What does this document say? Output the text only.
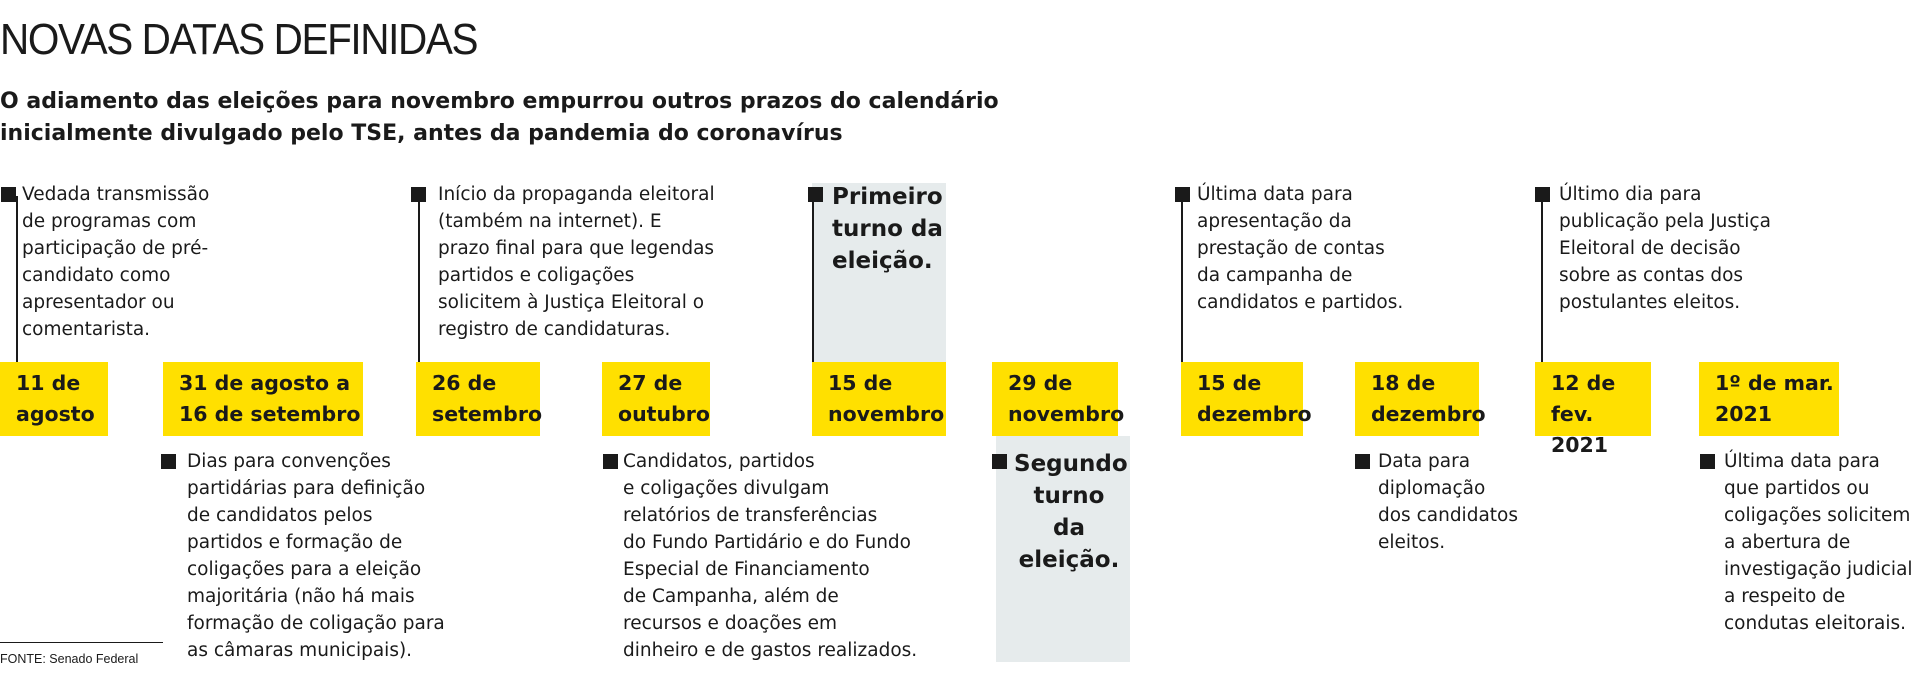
NOVAS DATAS DEFINIDAS

O adiamento das eleições para novembro empurrou outros prazos do calendário inicialmente divulgado pelo TSE, antes da pandemia do coronavírus

Vedada transmissão
de programas com
participação de pré-
candidato como
apresentador ou
comentarista.
Início da propaganda eleitoral
(também na internet). E
prazo final para que legendas
partidos e coligações
solicitem à Justiça Eleitoral o
registro de candidaturas.
Primeiro
turno da
eleição.
Última data para
apresentação da
prestação de contas
da campanha de
candidatos e partidos.
Último dia para
publicação pela Justiça
Eleitoral de decisão
sobre as contas dos
postulantes eleitos.
11 de
agosto
31 de agosto a
16 de setembro
26 de
setembro
27 de
outubro
15 de
novembro
29 de
novembro
15 de
dezembro
18 de
dezembro
12 de fev.
2021
1º de mar.
2021
Dias para convenções
partidárias para definição
de candidatos pelos
partidos e formação de
coligações para a eleição
majoritária (não há mais
formação de coligação para
as câmaras municipais).
Candidatos, partidos
e coligações divulgam
relatórios de transferências
do Fundo Partidário e do Fundo
Especial de Financiamento
de Campanha, além de
recursos e doações em
dinheiro e de gastos realizados.
Segundo
turno da
eleição.
Data para
diplomação
dos candidatos
eleitos.
Última data para
que partidos ou
coligações solicitem
a abertura de
investigação judicial
a respeito de
condutas eleitorais.
FONTE: Senado Federal
